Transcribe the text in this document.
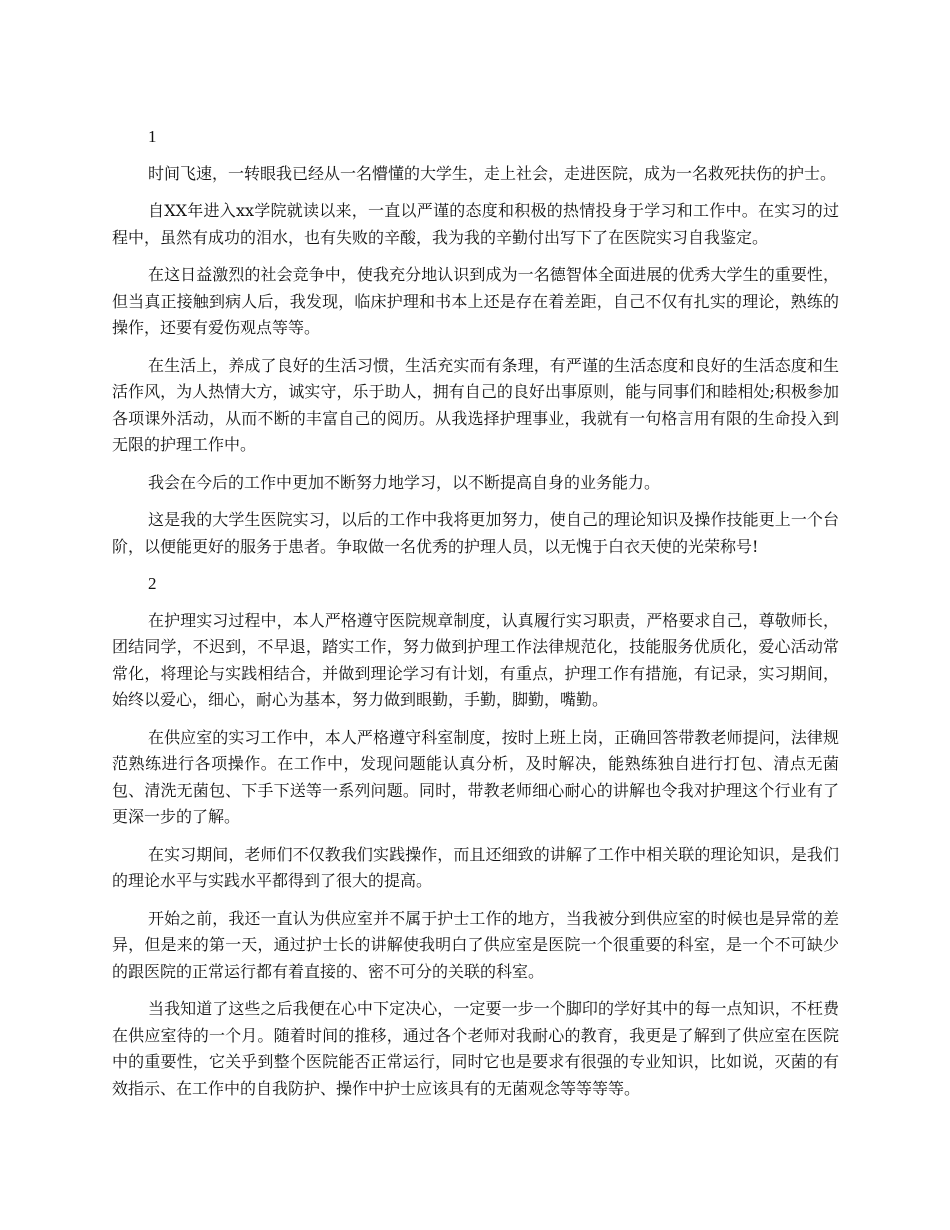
1

时间飞速，一转眼我已经从一名懵懂的大学生，走上社会，走进医院，成为一名救死扶伤的护士。

自XX年进入xx学院就读以来，一直以严谨的态度和积极的热情投身于学习和工作中。在实习的过程中，虽然有成功的泪水，也有失败的辛酸，我为我的辛勤付出写下了在医院实习自我鉴定。

在这日益激烈的社会竞争中，使我充分地认识到成为一名德智体全面进展的优秀大学生的重要性，但当真正接触到病人后，我发现，临床护理和书本上还是存在着差距，自己不仅有扎实的理论，熟练的操作，还要有爱伤观点等等。

在生活上，养成了良好的生活习惯，生活充实而有条理，有严谨的生活态度和良好的生活态度和生活作风，为人热情大方，诚实守，乐于助人，拥有自己的良好出事原则，能与同事们和睦相处;积极参加各项课外活动，从而不断的丰富自己的阅历。从我选择护理事业，我就有一句格言用有限的生命投入到无限的护理工作中。

我会在今后的工作中更加不断努力地学习，以不断提高自身的业务能力。

这是我的大学生医院实习，以后的工作中我将更加努力，使自己的理论知识及操作技能更上一个台阶，以便能更好的服务于患者。争取做一名优秀的护理人员，以无愧于白衣天使的光荣称号!

2

在护理实习过程中，本人严格遵守医院规章制度，认真履行实习职责，严格要求自己，尊敬师长，团结同学，不迟到，不早退，踏实工作，努力做到护理工作法律规范化，技能服务优质化，爱心活动常常化，将理论与实践相结合，并做到理论学习有计划，有重点，护理工作有措施，有记录，实习期间，始终以爱心，细心，耐心为基本，努力做到眼勤，手勤，脚勤，嘴勤。

在供应室的实习工作中，本人严格遵守科室制度，按时上班上岗，正确回答带教老师提问，法律规范熟练进行各项操作。在工作中，发现问题能认真分析，及时解决，能熟练独自进行打包、清点无菌包、清洗无菌包、下手下送等一系列问题。同时，带教老师细心耐心的讲解也令我对护理这个行业有了更深一步的了解。

在实习期间，老师们不仅教我们实践操作，而且还细致的讲解了工作中相关联的理论知识，是我们的理论水平与实践水平都得到了很大的提高。

开始之前，我还一直认为供应室并不属于护士工作的地方，当我被分到供应室的时候也是异常的差异，但是来的第一天，通过护士长的讲解使我明白了供应室是医院一个很重要的科室，是一个不可缺少的跟医院的正常运行都有着直接的、密不可分的关联的科室。

当我知道了这些之后我便在心中下定决心，一定要一步一个脚印的学好其中的每一点知识，不枉费在供应室待的一个月。随着时间的推移，通过各个老师对我耐心的教育，我更是了解到了供应室在医院中的重要性，它关乎到整个医院能否正常运行，同时它也是要求有很强的专业知识，比如说，灭菌的有效指示、在工作中的自我防护、操作中护士应该具有的无菌观念等等等等。
